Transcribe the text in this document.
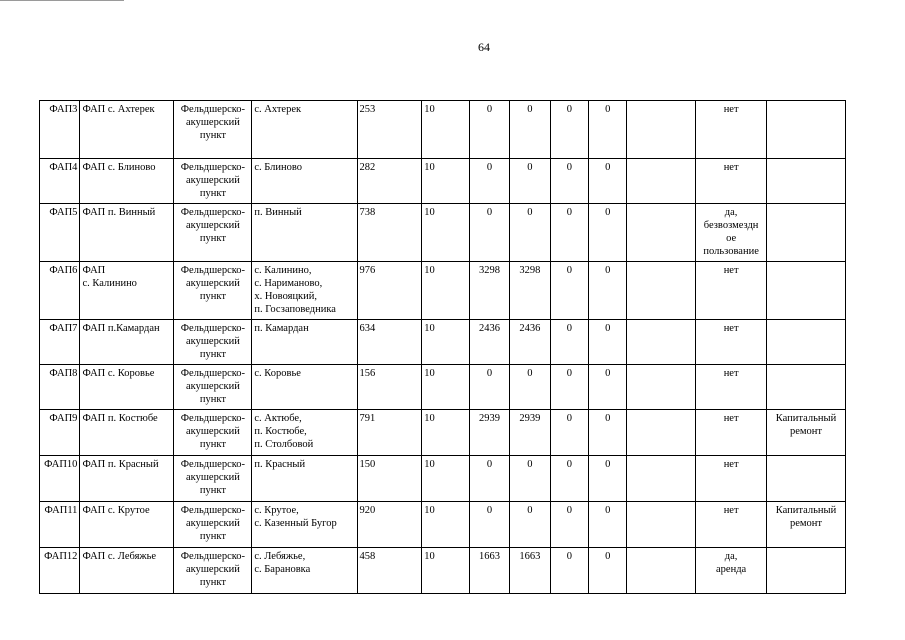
64
ФАП3	ФАП с. Ахтерек	Фельдшерско-
акушерский
пункт	с. Ахтерек	253	10	0	0	0	0		нет	
ФАП4	ФАП с. Блиново	Фельдшерско-
акушерский
пункт	с. Блиново	282	10	0	0	0	0		нет	
ФАП5	ФАП п. Винный	Фельдшерско-
акушерский
пункт	п. Винный	738	10	0	0	0	0		да,
безвозмездн
ое
пользование	
ФАП6	ФАП
с. Калинино	Фельдшерско-
акушерский
пункт	с. Калинино,
с. Нариманово,
х. Новояцкий,
п. Госзаповедника	976	10	3298	3298	0	0		нет	
ФАП7	ФАП п.Камардан	Фельдшерско-
акушерский
пункт	п. Камардан	634	10	2436	2436	0	0		нет	
ФАП8	ФАП с. Коровье	Фельдшерско-
акушерский
пункт	с. Коровье	156	10	0	0	0	0		нет	
ФАП9	ФАП п. Костюбе	Фельдшерско-
акушерский
пункт	с. Актюбе,
п. Костюбе,
п. Столбовой	791	10	2939	2939	0	0		нет	Капитальный
ремонт
ФАП10	ФАП п. Красный	Фельдшерско-
акушерский
пункт	п. Красный	150	10	0	0	0	0		нет	
ФАП11	ФАП с. Крутое	Фельдшерско-
акушерский
пункт	с. Крутое,
с. Казенный Бугор	920	10	0	0	0	0		нет	Капитальный
ремонт
ФАП12	ФАП с. Лебяжье	Фельдшерско-
акушерский
пункт	с. Лебяжье,
с. Барановка	458	10	1663	1663	0	0		да,
аренда	
